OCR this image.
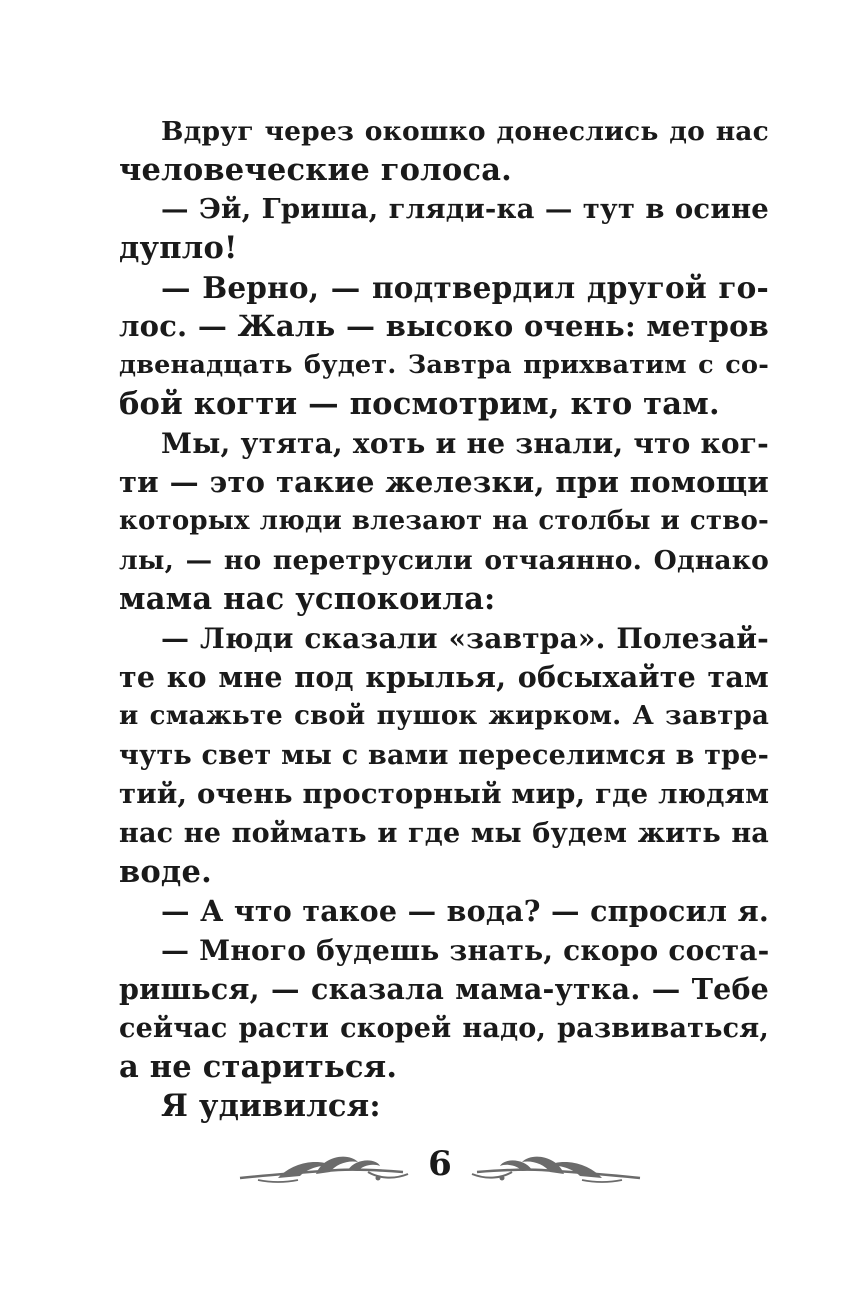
Вдруг через окошко донеслись до нас
человеческие голоса.
— Эй, Гриша, гляди-ка — тут в осине
дупло!
— Верно, — подтвердил другой го-
лос. — Жаль — высоко очень: метров
двенадцать будет. Завтра прихватим с со-
бой когти — посмотрим, кто там.
Мы, утята, хоть и не знали, что ког-
ти — это такие железки, при помощи
которых люди влезают на столбы и ство-
лы, — но перетрусили отчаянно. Однако
мама нас успокоила:
— Люди сказали «завтра». Полезай-
те ко мне под крылья, обсыхайте там
и смажьте свой пушок жирком. А завтра
чуть свет мы с вами переселимся в тре-
тий, очень просторный мир, где людям
нас не поймать и где мы будем жить на
воде.
— А что такое — вода? — спросил я.
— Много будешь знать, скоро соста-
ришься, — сказала мама-утка. — Тебе
сейчас расти скорей надо, развиваться,
а не стариться.
Я удивился:
6
